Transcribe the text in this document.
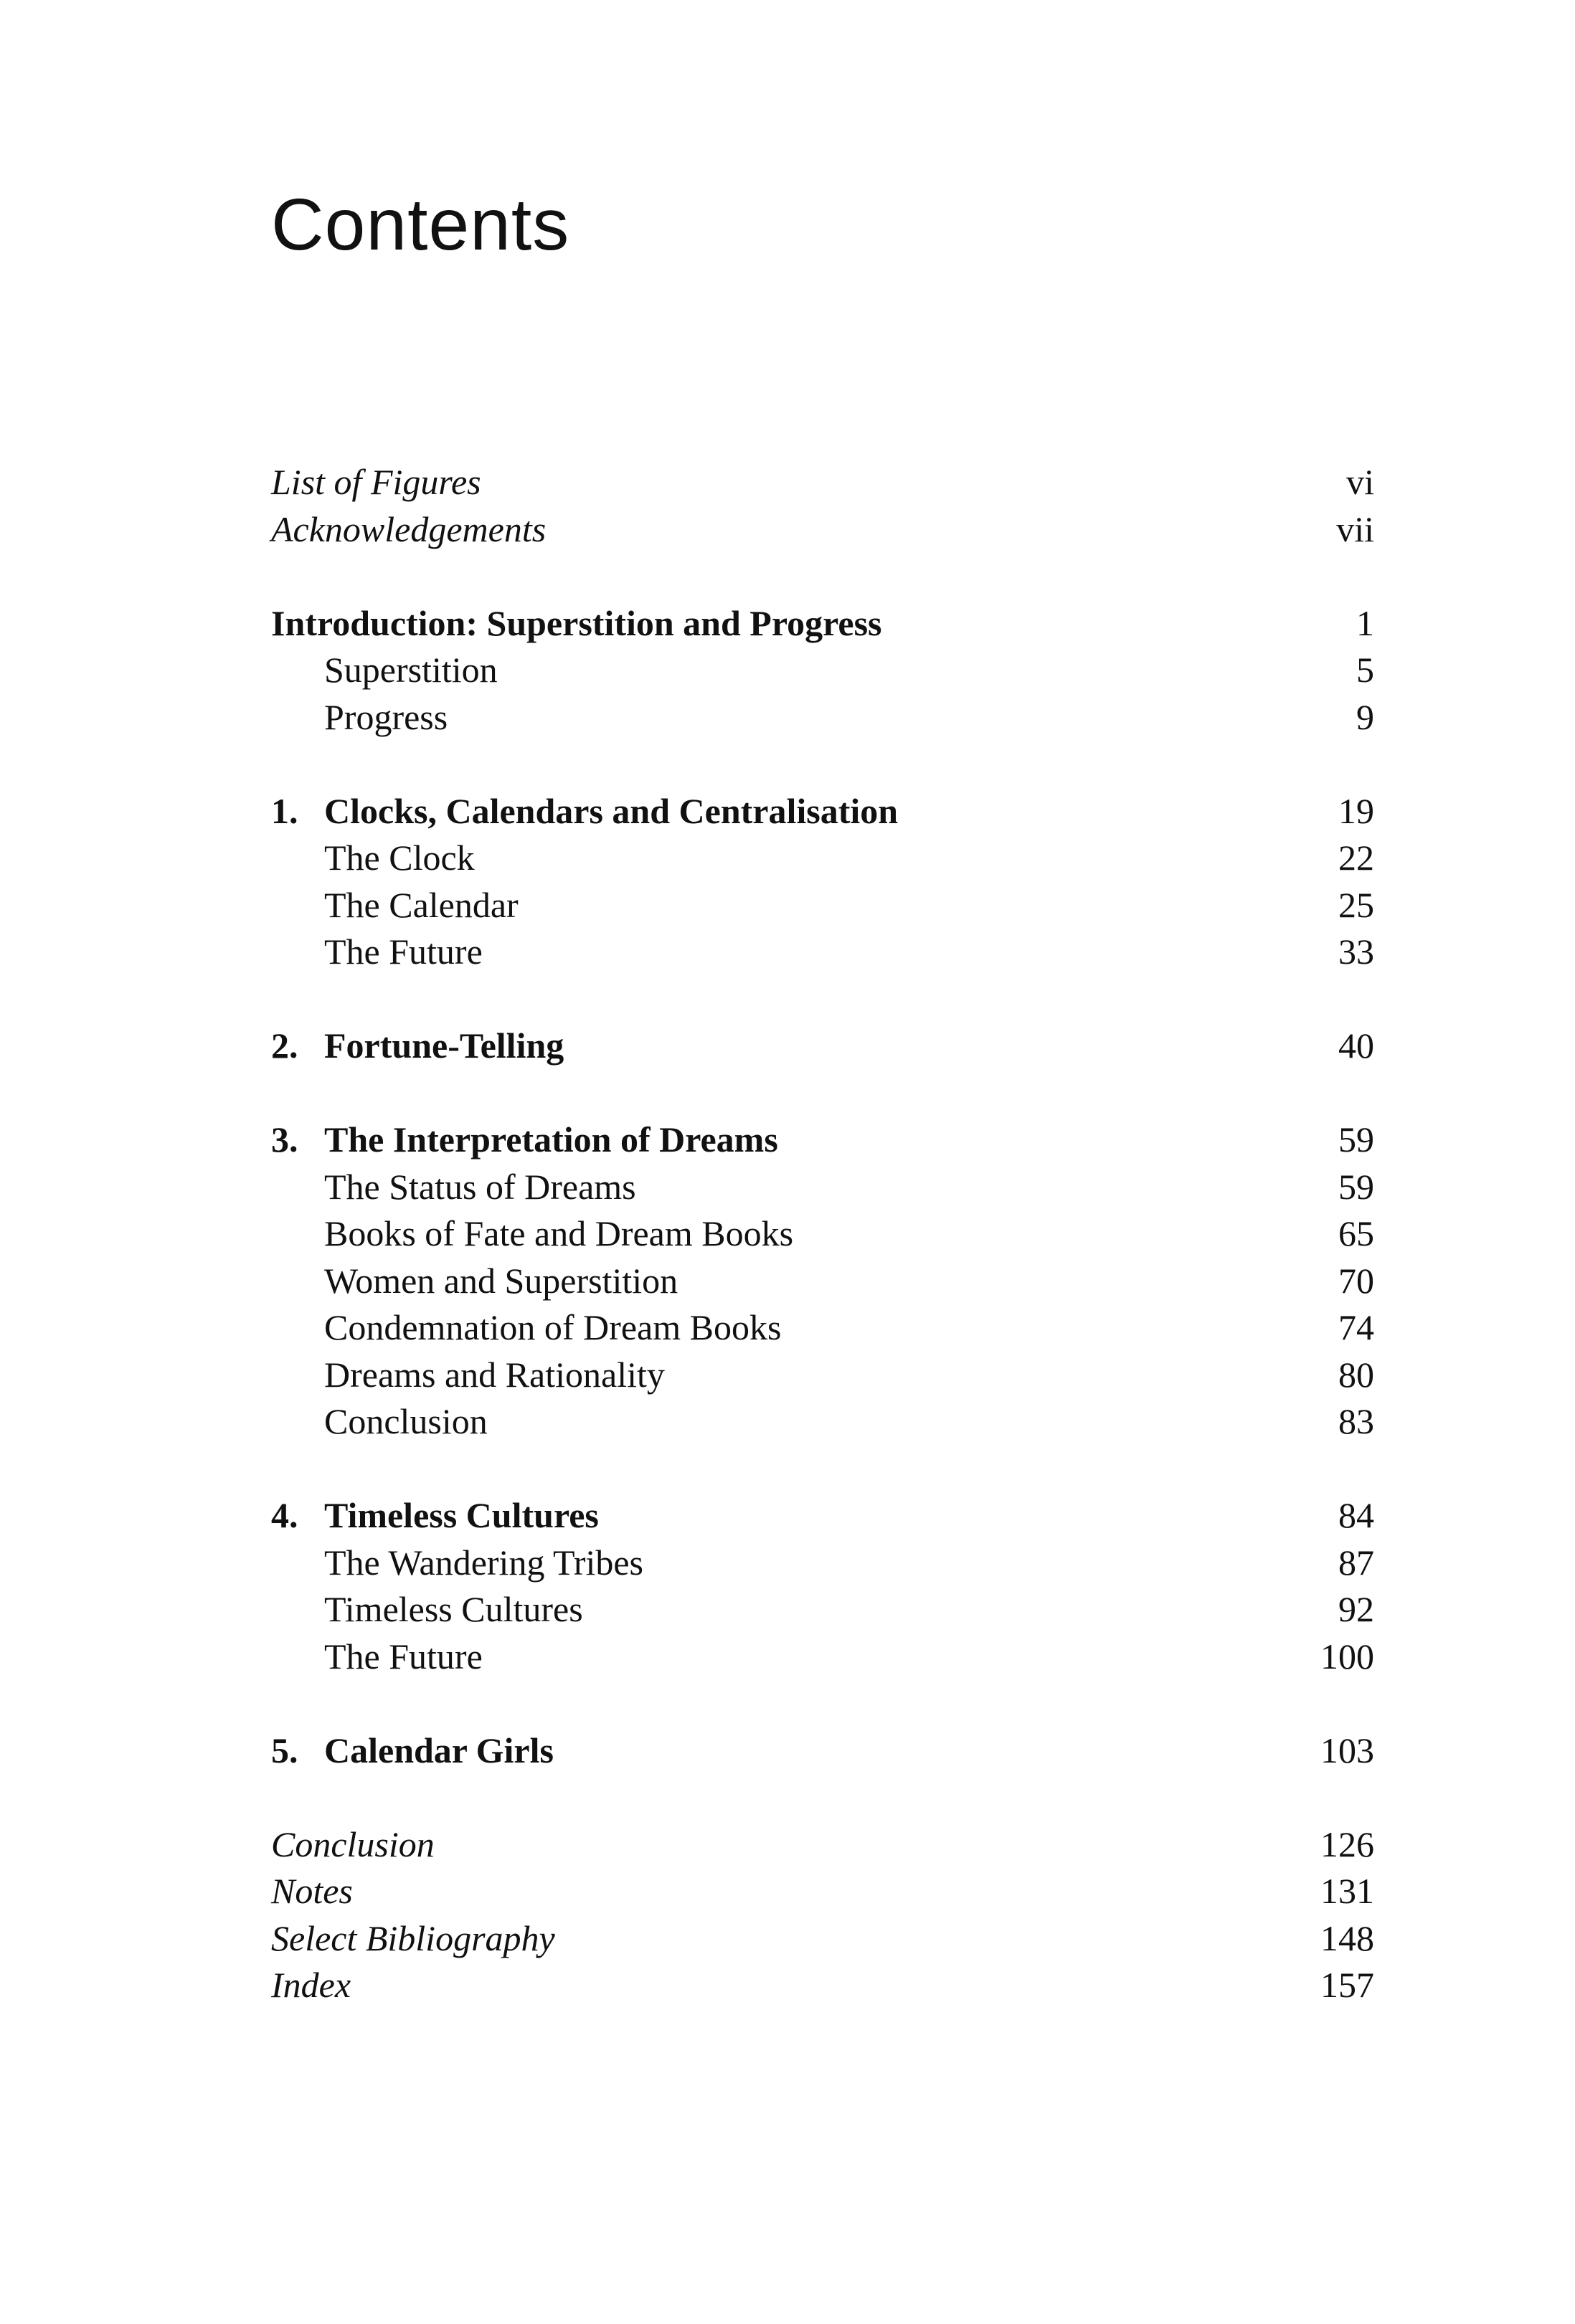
Contents
List of Figures	vi
Acknowledgements	vii
Introduction: Superstition and Progress	1
Superstition	5
Progress	9
1. Clocks, Calendars and Centralisation	19
The Clock	22
The Calendar	25
The Future	33
2. Fortune-Telling	40
3. The Interpretation of Dreams	59
The Status of Dreams	59
Books of Fate and Dream Books	65
Women and Superstition	70
Condemnation of Dream Books	74
Dreams and Rationality	80
Conclusion	83
4. Timeless Cultures	84
The Wandering Tribes	87
Timeless Cultures	92
The Future	100
5. Calendar Girls	103
Conclusion	126
Notes	131
Select Bibliography	148
Index	157
